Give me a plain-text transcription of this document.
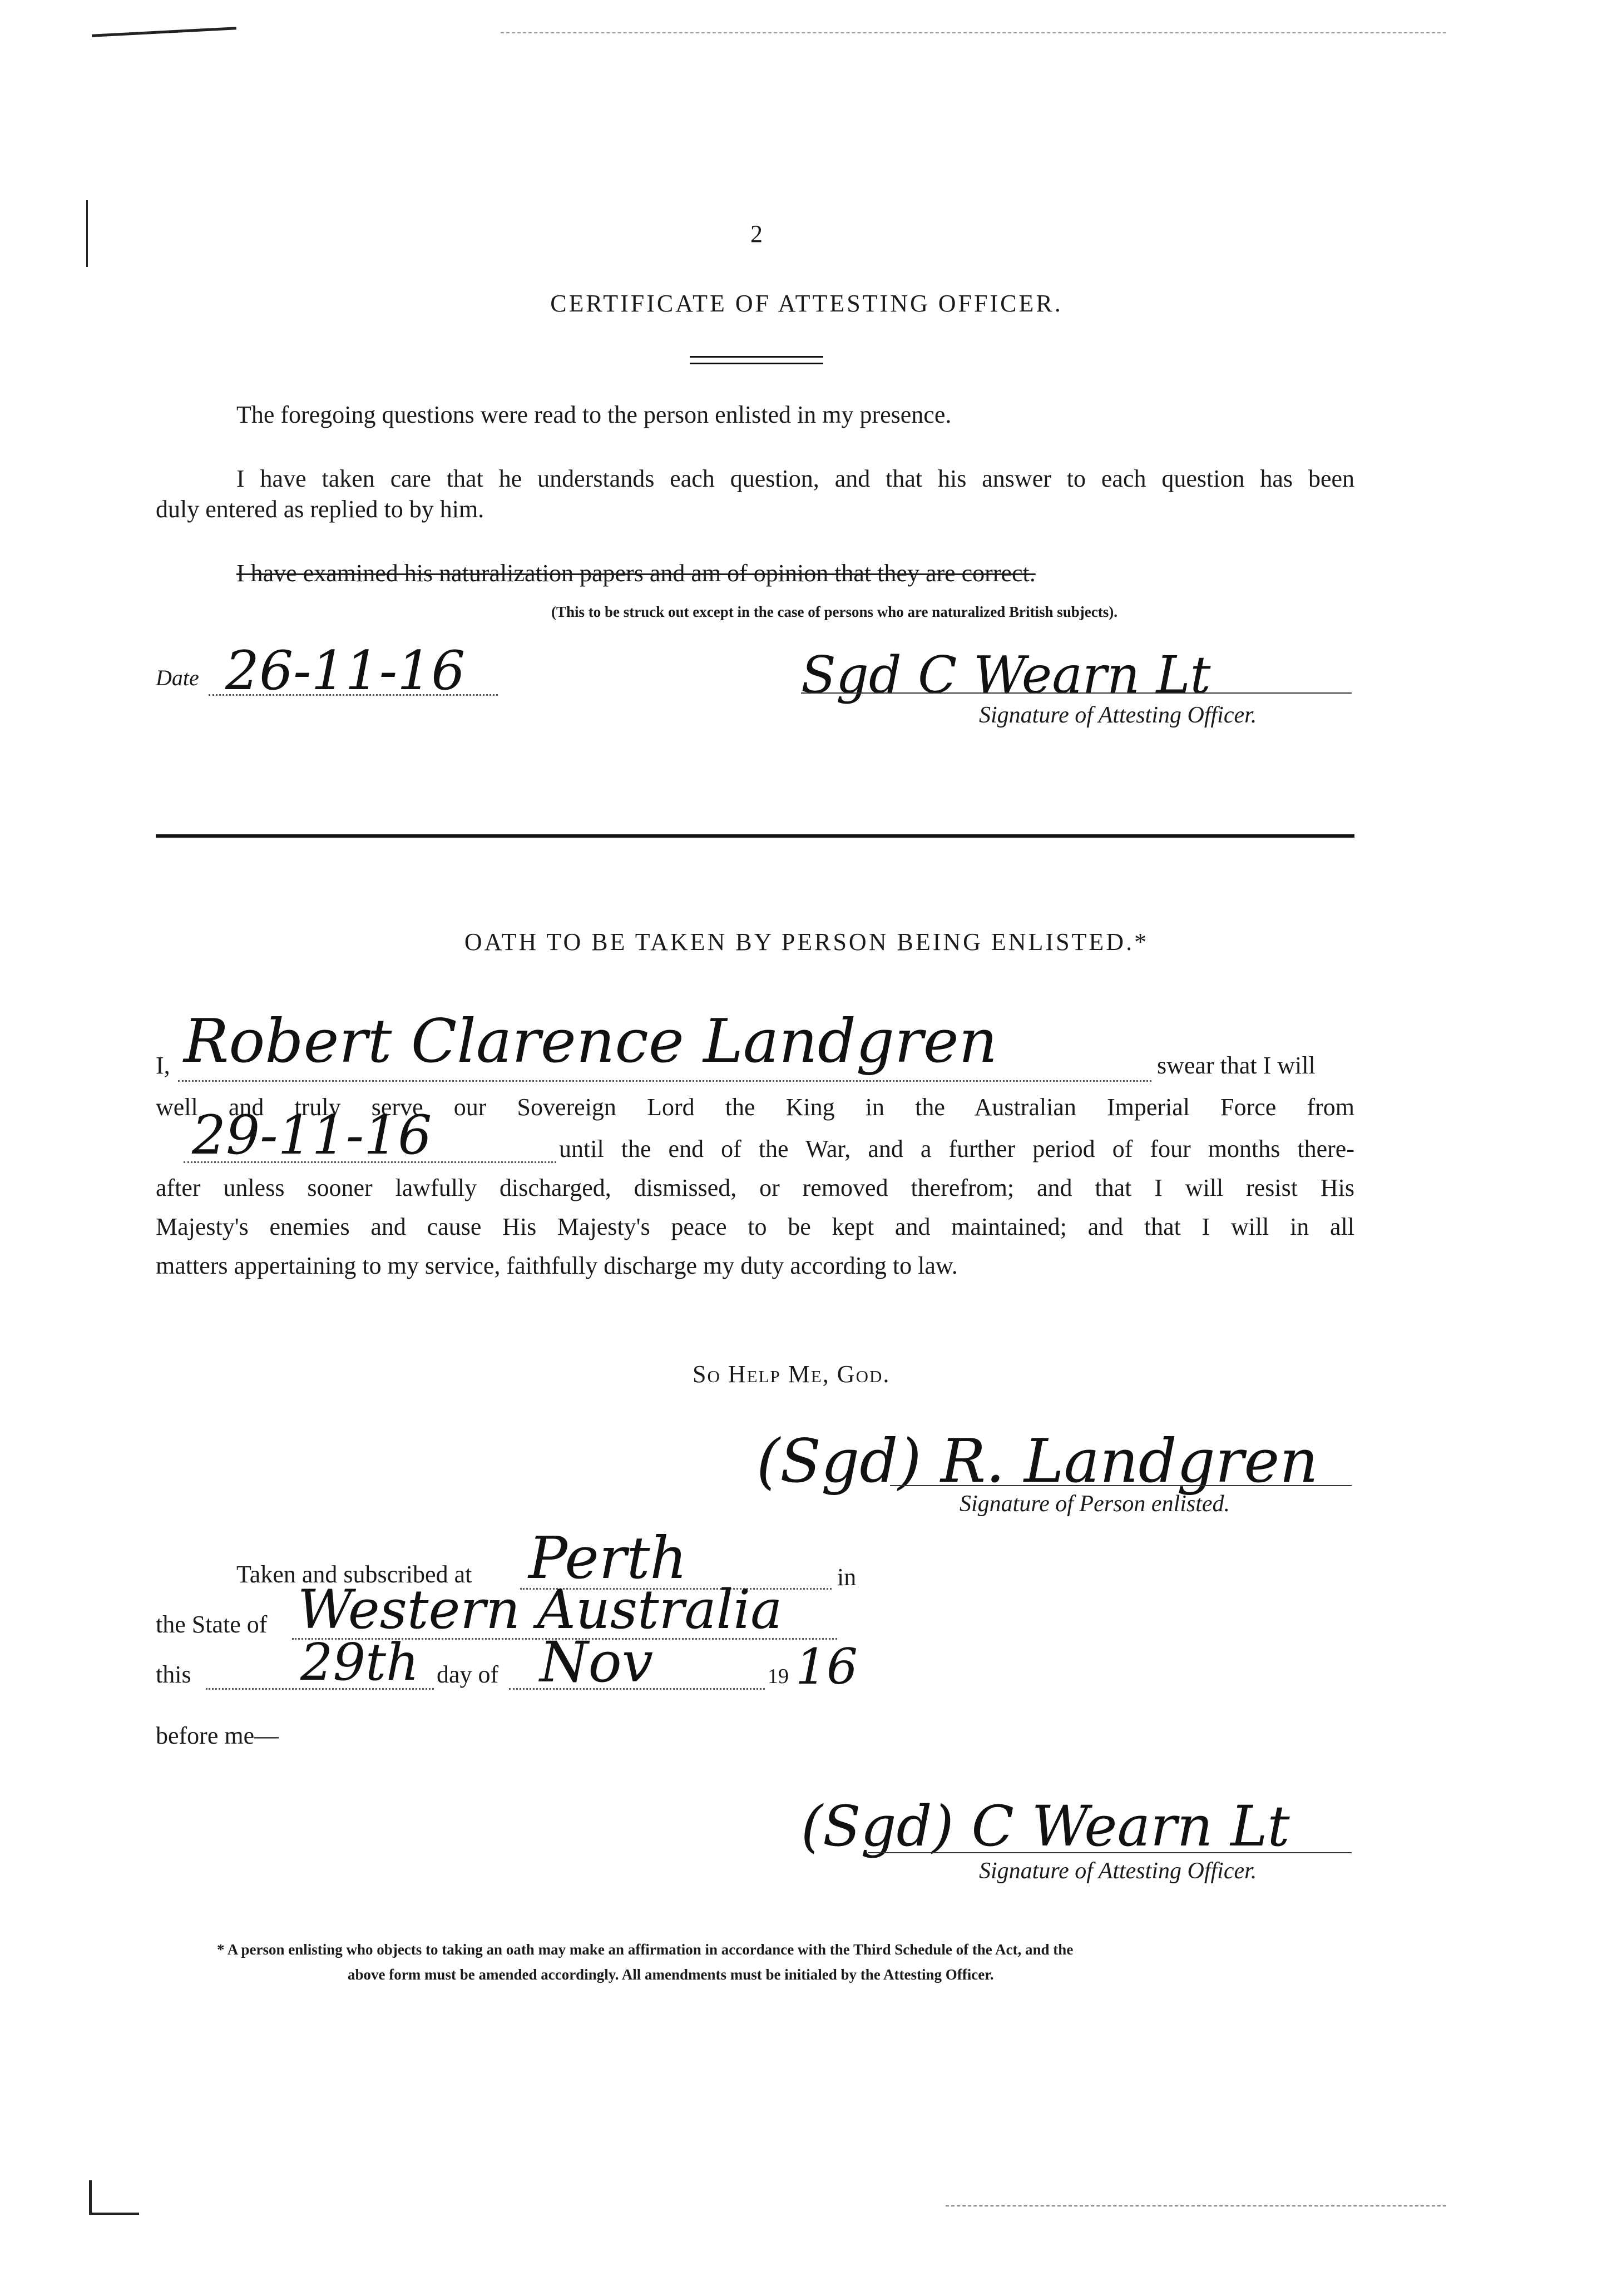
2
CERTIFICATE OF ATTESTING OFFICER.
The foregoing questions were read to the person enlisted in my presence.
I have taken care that he understands each question, and that his answer to each question has been
duly entered as replied to by him.
I have examined his naturalization papers and am of opinion that they are correct.
(This to be struck out except in the case of persons who are naturalized British subjects).
Date 26-11-16	Sgd C Wearn Lt
Signature of Attesting Officer.
OATH TO BE TAKEN BY PERSON BEING ENLISTED.*
I, Robert Clarence Landgren	swear that I will
well and truly serve our Sovereign Lord the King in the Australian Imperial Force from
29-11-16	until the end of the War, and a further period of four months there-
after unless sooner lawfully discharged, dismissed, or removed therefrom; and that I will resist His
Majesty's enemies and cause His Majesty's peace to be kept and maintained; and that I will in all
matters appertaining to my service, faithfully discharge my duty according to law.
So Help Me, God.
(Sgd) R. Landgren
Signature of Person enlisted.
Taken and subscribed at Perth	in
the State of Western Australia
this 29th day of Nov	19 16
before me—
(Sgd) C Wearn Lt
Signature of Attesting Officer.
* A person enlisting who objects to taking an oath may make an affirmation in accordance with the Third Schedule of the Act, and the
above form must be amended accordingly. All amendments must be initialed by the Attesting Officer.
